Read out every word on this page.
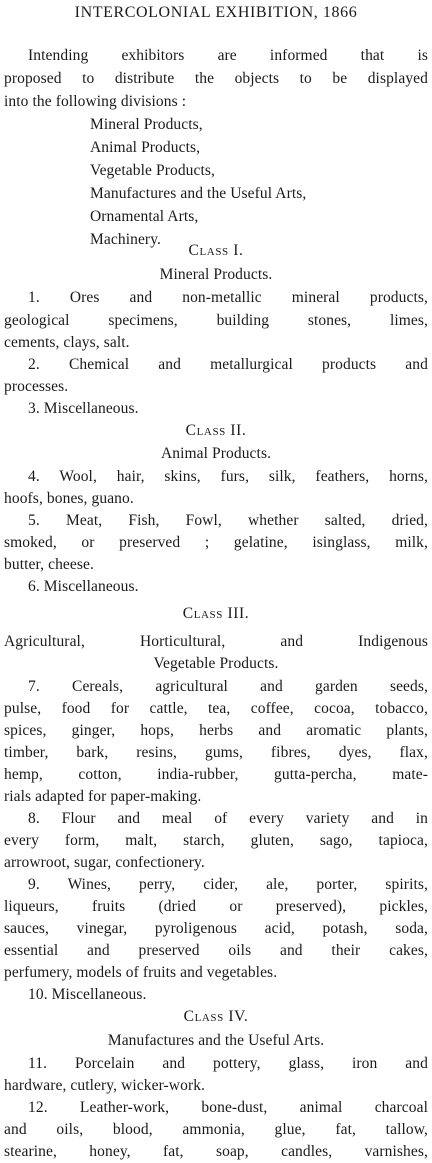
INTERCOLONIAL EXHIBITION, 1866
Intending exhibitors are informed that is
proposed to distribute the objects to be displayed
into the following divisions :
Mineral Products,
Animal Products,
Vegetable Products,
Manufactures and the Useful Arts,
Ornamental Arts,
Machinery.
Class I.
Mineral Products.
1. Ores and non-metallic mineral products,
geological specimens, building stones, limes,
cements, clays, salt.
2. Chemical and metallurgical products and
processes.
3. Miscellaneous.
Class II.
Animal Products.
4. Wool, hair, skins, furs, silk, feathers, horns,
hoofs, bones, guano.
5. Meat, Fish, Fowl, whether salted, dried,
smoked, or preserved ; gelatine, isinglass, milk,
butter, cheese.
6. Miscellaneous.
Class III.
Agricultural, Horticultural, and Indigenous
Vegetable Products.
7. Cereals, agricultural and garden seeds,
pulse, food for cattle, tea, coffee, cocoa, tobacco,
spices, ginger, hops, herbs and aromatic plants,
timber, bark, resins, gums, fibres, dyes, flax,
hemp, cotton, india-rubber, gutta-percha, mate-
rials adapted for paper-making.
8. Flour and meal of every variety and in
every form, malt, starch, gluten, sago, tapioca,
arrowroot, sugar, confectionery.
9. Wines, perry, cider, ale, porter, spirits,
liqueurs, fruits (dried or preserved), pickles,
sauces, vinegar, pyroligenous acid, potash, soda,
essential and preserved oils and their cakes,
perfumery, models of fruits and vegetables.
10. Miscellaneous.
Class IV.
Manufactures and the Useful Arts.
11. Porcelain and pottery, glass, iron and
hardware, cutlery, wicker-work.
12. Leather-work, bone-dust, animal charcoal
and oils, blood, ammonia, glue, fat, tallow,
stearine, honey, fat, soap, candles, varnishes,
